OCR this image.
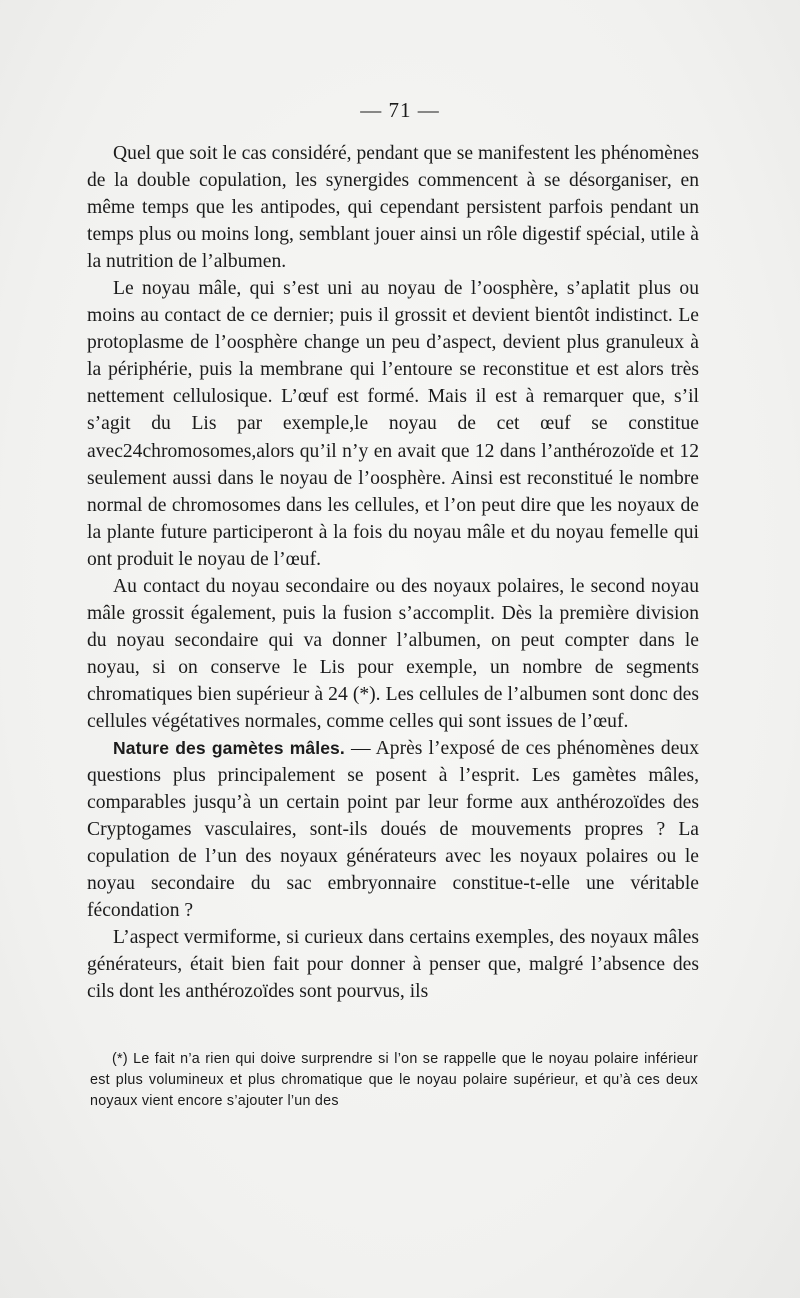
— 71 —

Quel que soit le cas considéré, pendant que se manifestent les phénomènes de la double copulation, les synergides commencent à se désorganiser, en même temps que les antipodes, qui cependant persistent parfois pendant un temps plus ou moins long, semblant jouer ainsi un rôle digestif spécial, utile à la nutrition de l’albumen.

Le noyau mâle, qui s’est uni au noyau de l’oosphère, s’aplatit plus ou moins au contact de ce dernier; puis il grossit et devient bientôt indistinct. Le protoplasme de l’oosphère change un peu d’aspect, devient plus granuleux à la périphérie, puis la membrane qui l’entoure se reconstitue et est alors très nettement cellulosique. L’œuf est formé. Mais il est à remarquer que, s’il s’agit du Lis par exemple,le noyau de cet œuf se constitue avec24chromosomes,alors qu’il n’y en avait que 12 dans l’anthérozoïde et 12 seulement aussi dans le noyau de l’oosphère. Ainsi est reconstitué le nombre normal de chromosomes dans les cellules, et l’on peut dire que les noyaux de la plante future participeront à la fois du noyau mâle et du noyau femelle qui ont produit le noyau de l’œuf.

Au contact du noyau secondaire ou des noyaux polaires, le second noyau mâle grossit également, puis la fusion s’accomplit. Dès la première division du noyau secondaire qui va donner l’albumen, on peut compter dans le noyau, si on conserve le Lis pour exemple, un nombre de segments chromatiques bien supérieur à 24 (*). Les cellules de l’albumen sont donc des cellules végétatives normales, comme celles qui sont issues de l’œuf.

Nature des gamètes mâles. — Après l’exposé de ces phénomènes deux questions plus principalement se posent à l’esprit. Les gamètes mâles, comparables jusqu’à un certain point par leur forme aux anthérozoïdes des Cryptogames vasculaires, sont-ils doués de mouvements propres ? La copulation de l’un des noyaux générateurs avec les noyaux polaires ou le noyau secondaire du sac embryonnaire constitue-t-elle une véritable fécondation ?

L’aspect vermiforme, si curieux dans certains exemples, des noyaux mâles générateurs, était bien fait pour donner à penser que, malgré l’absence des cils dont les anthérozoïdes sont pourvus, ils

(*) Le fait n’a rien qui doive surprendre si l’on se rappelle que le noyau polaire inférieur est plus volumineux et plus chromatique que le noyau polaire supérieur, et qu’à ces deux noyaux vient encore s’ajouter l’un des
